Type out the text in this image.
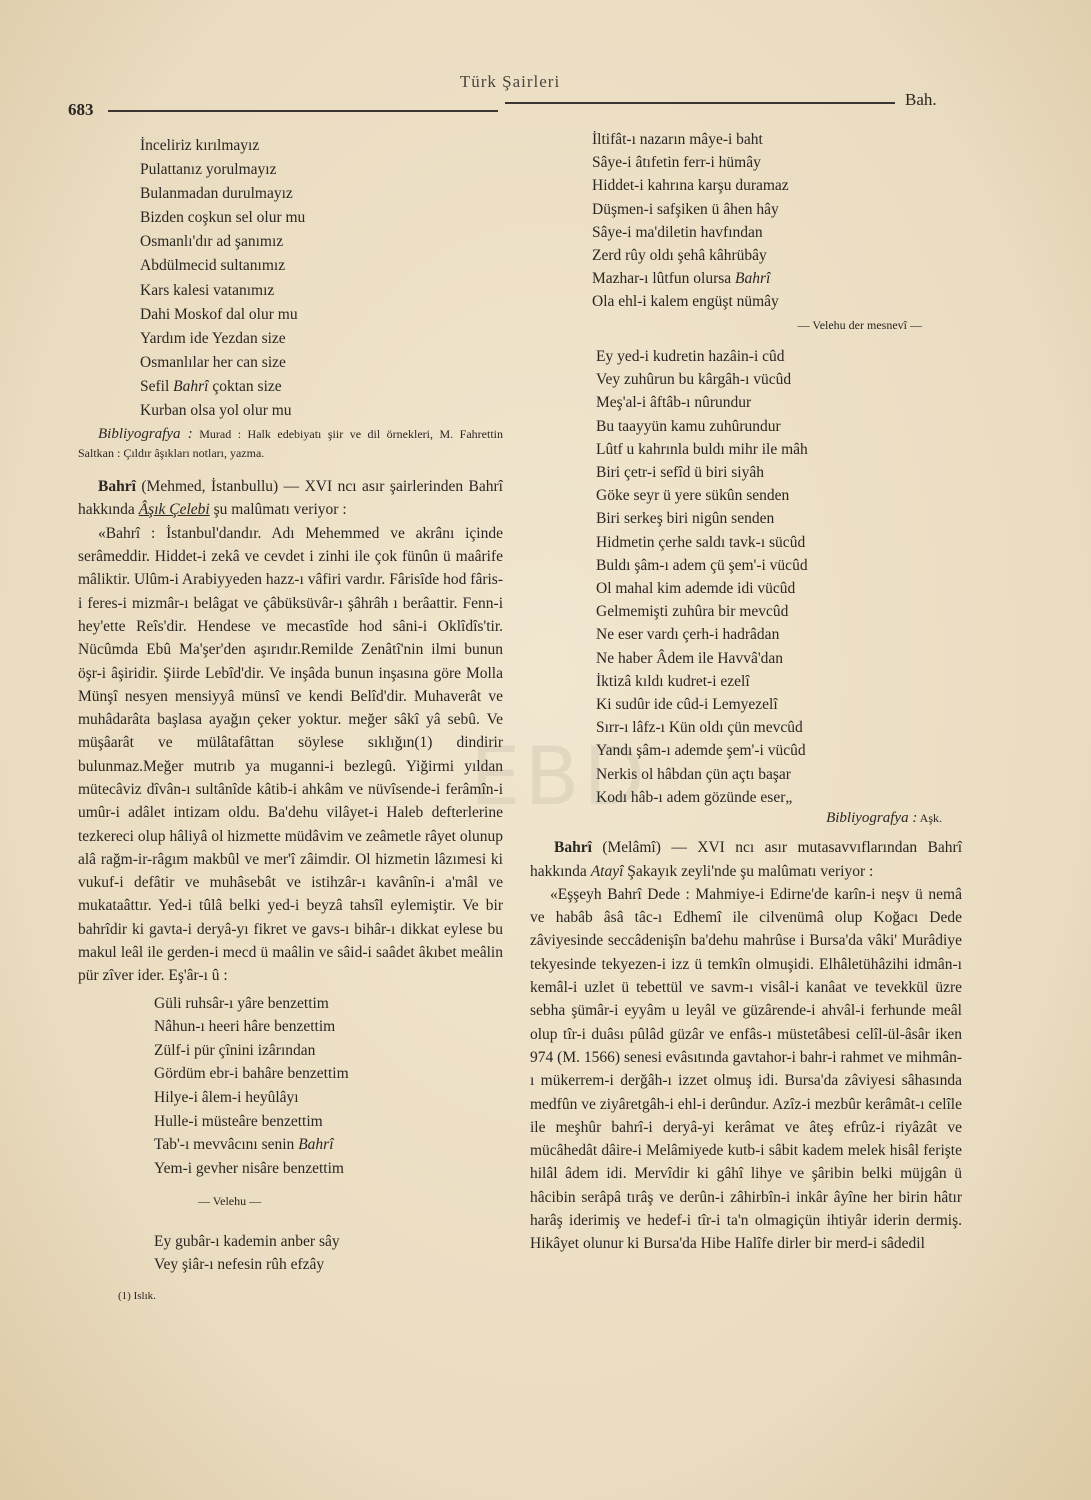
EBD
Türk Şairleri
683
Bah.
İnceliriz kırılmayız
Pulattanız yorulmayız
Bulanmadan durulmayız
Bizden coşkun sel olur mu
Osmanlı'dır ad şanımız
Abdülmecid sultanımız
Kars kalesi vatanımız
Dahi Moskof dal olur mu
Yardım ide Yezdan size
Osmanlılar her can size
Sefil Bahrî çoktan size
Kurban olsa yol olur mu
Bibliyografya : Murad : Halk edebiyatı şiir ve dil örnekleri, M. Fahrettin Saltkan : Çıldır âşıkları notları, yazma.

Bahrî (Mehmed, İstanbullu) — XVI ncı asır şairlerinden Bahrî hakkında Âşık Çelebi şu malûmatı veriyor :

«Bahrî : İstanbul'dandır. Adı Mehemmed ve akrânı içinde serâmeddir. Hiddet-i zekâ ve cevdet i zinhi ile çok fünûn ü maârife mâliktir. Ulûm-i Arabiyyeden hazz-ı vâfiri vardır. Fârisîde hod fâris-i feres-i mizmâr-ı belâgat ve çâbüksüvâr-ı şâhrâh ı berâattir. Fenn-i hey'ette Reîs'dir. Hendese ve mecastîde hod sâni-i Oklîdîs'tir. Nücûmda Ebû Ma'şer'den aşırıdır.Remilde Zenâtî'nin ilmi bunun öşr-i âşiridir. Şiirde Lebîd'dir. Ve inşâda bunun inşasına göre Molla Münşî nesyen mensiyyâ münsî ve kendi Belîd'dir. Muhaverât ve muhâdarâta başlasa ayağın çeker yoktur. meğer sâkî yâ sebû. Ve müşâarât ve mülâtafâttan söylese sıklığın(1) dindirir bulunmaz.Meğer mutrıb ya muganni-i bezlegû. Yiğirmi yıldan mütecâviz dîvân-ı sultânîde kâtib-i ahkâm ve nüvîsende-i ferâmîn-i umûr-i adâlet intizam oldu. Ba'dehu vilâyet-i Haleb defterlerine tezkereci olup hâliyâ ol hizmette müdâvim ve zeâmetle râyet olunup alâ rağm-ir-râgım makbûl ve mer'î zâimdir. Ol hizmetin lâzımesi ki vukuf-i defâtir ve muhâsebât ve istihzâr-ı kavânîn-i a'mâl ve mukataâttır. Yed-i tûlâ belki yed-i beyzâ tahsîl eylemiştir. Ve bir bahrîdir ki gavta-i deryâ-yı fikret ve gavs-ı bihâr-ı dikkat eylese bu makul leâl ile gerden-i mecd ü maâlin ve sâid-i saâdet âkıbet meâlin pür zîver ider. Eş'âr-ı û :

Güli ruhsâr-ı yâre benzettim
Nâhun-ı heeri hâre benzettim
Zülf-i pür çînini izârından
Gördüm ebr-i bahâre benzettim
Hilye-i âlem-i heyûlâyı
Hulle-i müsteâre benzettim
Tab'-ı mevvâcını senin Bahrî
Yem-i gevher nisâre benzettim
— Velehu —
Ey gubâr-ı kademin anber sây
Vey şiâr-ı nefesin rûh efzây
(1) Islık.
İltifât-ı nazarın mâye-i baht
Sâye-i âtıfetin ferr-i hümây
Hiddet-i kahrına karşu duramaz
Düşmen-i safşiken ü âhen hây
Sâye-i ma'diletin havfından
Zerd rûy oldı şehâ kâhrübây
Mazhar-ı lûtfun olursa Bahrî
Ola ehl-i kalem engüşt nümây
— Velehu der mesnevî —
Ey yed-i kudretin hazâin-i cûd
Vey zuhûrun bu kârgâh-ı vücûd
Meş'al-i âftâb-ı nûrundur
Bu taayyün kamu zuhûrundur
Lûtf u kahrınla buldı mihr ile mâh
Biri çetr-i sefîd ü biri siyâh
Göke seyr ü yere sükûn senden
Biri serkeş biri nigûn senden
Hidmetin çerhe saldı tavk-ı sücûd
Buldı şâm-ı adem çü şem'-i vücûd
Ol mahal kim ademde idi vücûd
Gelmemişti zuhûra bir mevcûd
Ne eser vardı çerh-i hadrâdan
Ne haber Âdem ile Havvâ'dan
İktizâ kıldı kudret-i ezelî
Ki sudûr ide cûd-i Lemyezelî
Sırr-ı lâfz-ı Kün oldı çün mevcûd
Yandı şâm-ı ademde şem'-i vücûd
Nerkis ol hâbdan çün açtı başar
Kodı hâb-ı adem gözünde eser„
Bibliyografya : Aşk.

Bahrî (Melâmî) — XVI ncı asır mutasavvıflarından Bahrî hakkında Atayî Şakayık zeyli'nde şu malûmatı veriyor :

«Eşşeyh Bahrî Dede : Mahmiye-i Edirne'de karîn-i neşv ü nemâ ve habâb âsâ tâc-ı Edhemî ile cilvenümâ olup Koğacı Dede zâviyesinde seccâdenişîn ba'dehu mahrûse i Bursa'da vâki' Murâdiye tekyesinde tekyezen-i izz ü temkîn olmuşidi. Elhâletühâzihi idmân-ı kemâl-i uzlet ü tebettül ve savm-ı visâl-i kanâat ve tevekkül üzre sebha şümâr-i eyyâm u leyâl ve güzârende-i ahvâl-i ferhunde meâl olup tîr-i duâsı pûlâd güzâr ve enfâs-ı müstetâbesi celîl-ül-âsâr iken 974 (M. 1566) senesi evâsıtında gavtahor-i bahr-i rahmet ve mihmân-ı mükerrem-i derğâh-ı izzet olmuş idi. Bursa'da zâviyesi sâhasında medfûn ve ziyâretgâh-i ehl-i derûndur. Azîz-i mezbûr kerâmât-ı celîle ile meşhûr bahrî-i deryâ-yi kerâmat ve âteş efrûz-i riyâzât ve mücâhedât dâire-i Melâmiyede kutb-i sâbit kadem melek hisâl ferişte hilâl âdem idi. Mervîdir ki gâhî lihye ve şâribin belki müjgân ü hâcibin serâpâ tırâş ve derûn-i zâhirbîn-i inkâr âyîne her birin hâtır harâş iderimiş ve hedef-i tîr-i ta'n olmagiçün ihtiyâr iderin dermiş. Hikâyet olunur ki Bursa'da Hibe Halîfe dirler bir merd-i sâdedil
